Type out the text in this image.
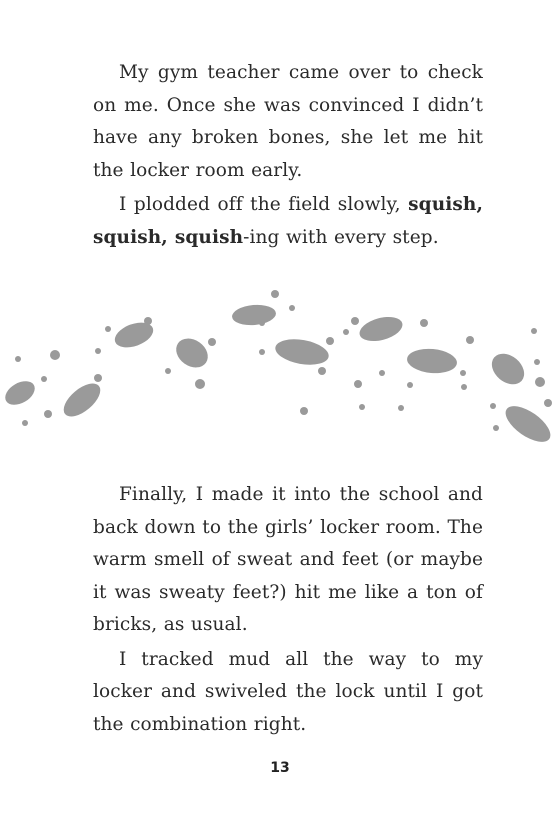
My gym teacher came over to check on me. Once she was convinced I didn’t have any broken bones, she let me hit the locker room early.

I plodded off the field slowly, squish, squish, squish-ing with every step.

Finally, I made it into the school and back down to the girls’ locker room. The warm smell of sweat and feet (or maybe it was sweaty feet?) hit me like a ton of bricks, as usual.

I tracked mud all the way to my locker and swiveled the lock until I got the combination right.

13
